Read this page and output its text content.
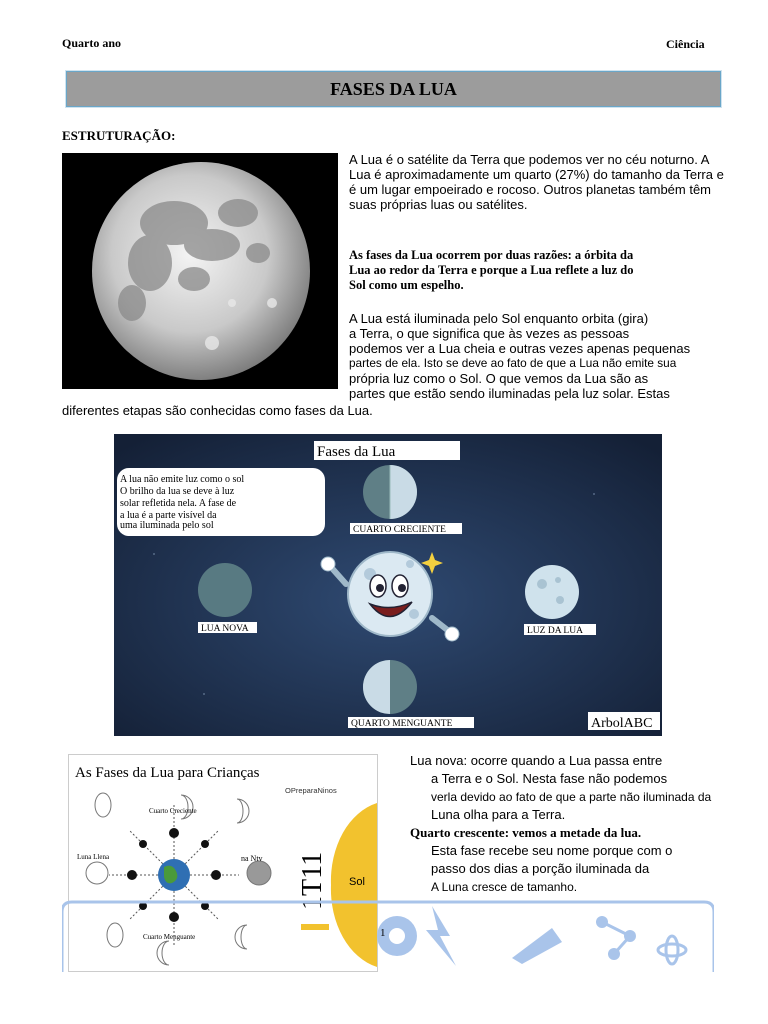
Quarto ano	Ciência
FASES DA LUA
ESTRUTURAÇÃO:
A Lua é o satélite da Terra que podemos ver no céu noturno. A Lua é aproximadamente um quarto (27%) do tamanho da Terra e é um lugar empoeirado e rocoso. Outros planetas também têm suas próprias luas ou satélites.
As fases da Lua ocorrem por duas razões: a órbita da Lua ao redor da Terra e porque a Lua reflete a luz do Sol como um espelho.
A Lua está iluminada pelo Sol enquanto orbita (gira)
a Terra, o que significa que às vezes as pessoas
podemos ver a Lua cheia e outras vezes apenas pequenas
partes de ela. Isto se deve ao fato de que a Lua não emite sua
própria luz como o Sol. O que vemos da Lua são as
partes que estão sendo iluminadas pela luz solar. Estas
diferentes etapas são conhecidas como fases da Lua.
Fases da Lua
A lua não emite luz como o sol
O brilho da lua se deve à luz
solar refletida nela. A fase de
a lua é a parte visível da
uma iluminada pelo sol	CUARTO CRECIENTE
LUA NOVA	LUZ DA LUA
QUARTO MENGUANTE	ArbolABC
As Fases da Lua para Crianças
OPreparaNinos
Cuarto Creciente
Luna Llena	na Ntv
Cuarto Menguante
Sol
1T11
Lua nova: ocorre quando a Lua passa entre
a Terra e o Sol. Nesta fase não podemos
verla devido ao fato de que a parte não iluminada da
Luna olha para a Terra.
Quarto crescente: vemos a metade da lua.
Esta fase recebe seu nome porque com o
passo dos dias a porção iluminada da
A Luna cresce de tamanho.
1
